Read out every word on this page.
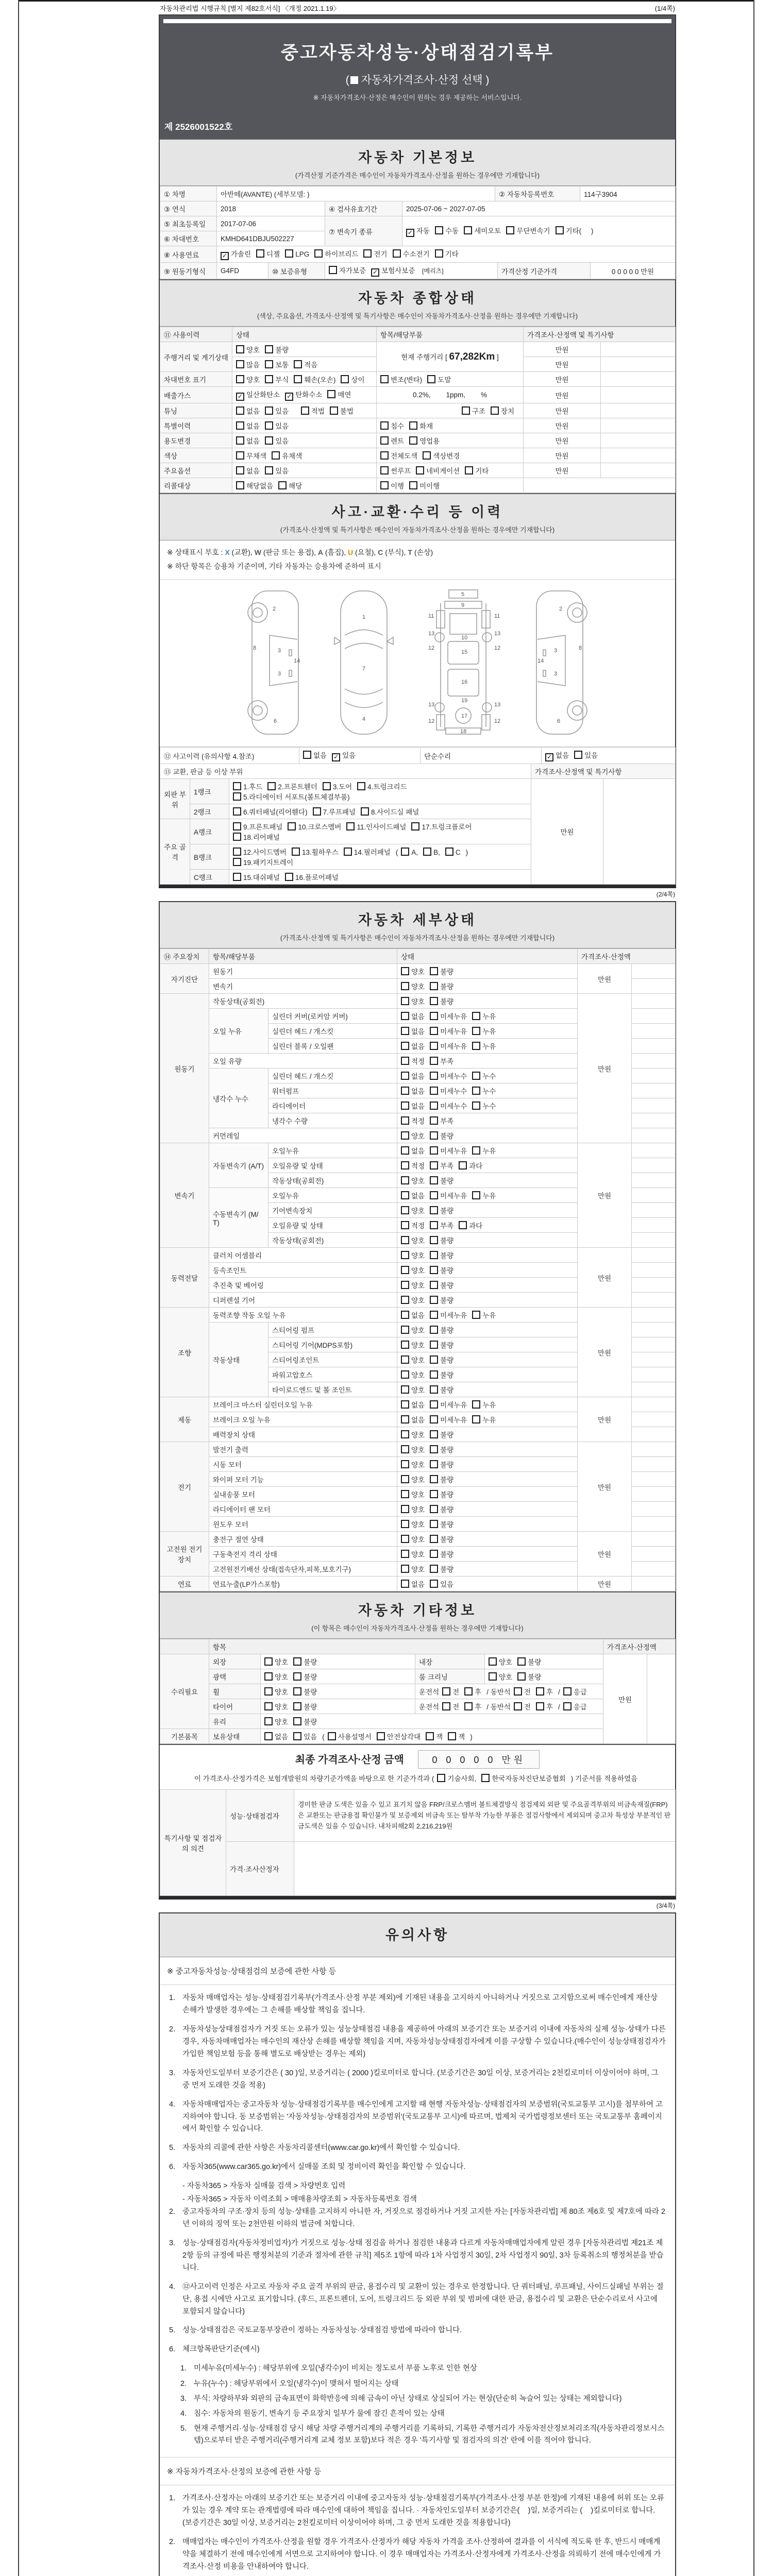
자동차관리법 시행규칙 [별지 제82호서식] 〈개정 2021.1.19〉	(1/4쪽)
중고자동차성능·상태점검기록부
( 자동차가격조사·산정 선택 )
※ 자동차가격조사·산정은 매수인이 원하는 경우 제공하는 서비스입니다.
제 2526001522호
자동차 기본정보
(가격산정 기준가격은 매수인이 자동차가격조사·산정을 원하는 경우에만 기재합니다)
① 차명	아반떼(AVANTE) (세부모델: )			② 자동차등록번호	114구3904
③ 연식	2018	④ 검사유효기간	2025-07-06 ~ 2027-07-05		
⑤ 최초등록일	2017-07-06	⑦ 변속기 종류	✓ 자동 수동 세미오토 무단변속기 기타(     )		
⑥ 차대번호	KMHD641DBJU502227				
⑧ 사용연료	✓ 가솔린 디젤 LPG 하이브리드 전기 수소전기 기타				
⑨ 원동기형식	G4FD	⑩ 보증유형	자가보증 ✓ 보험사보증 [메리츠]	가격산정 기준가격	0 0 0 0 0 만원
자동차 종합상태
(색상, 주요옵션, 가격조사·산정액 및 특기사항은 매수인이 자동차가격조사·산정을 원하는 경우에만 기재합니다)
⑪ 사용이력	상태	항목/해당부품	가격조사·산정액 및 특기사항	
주행거리 및 계기상태	양호 불량	현재 주행거리 [ 67,282Km ]	만원	
	많음 보통 적음		만원	
차대번호 표기	양호 부식 훼손(오손) 상이	변조(변타) 도말	만원	
배출가스	✓ 일산화탄소 ✓ 탄화수소 매연	0.2%,        1ppm,        %	만원	
튜닝	없음 있음 적법 불법	구조 장치	만원	
특별이력	없음 있음	침수 화재	만원	
용도변경	없음 있음	렌트 영업용	만원	
색상	무채색 유채색	전체도색 색상변경	만원	
주요옵션	없음 있음	썬루프 네비게이션 기타	만원	
리콜대상	해당없음 해당	이행 미이행		
사고·교환·수리 등 이력
(가격조사·산정액 및 특기사항은 매수인이 자동차가격조사·산정을 원하는 경우에만 기재합니다)
※ 상태표시 부호 : X (교환), W (판금 또는 용접), A (흠집), U (요철), C (부식), T (손상)
※ 하단 항목은 승용차 기준이며, 기타 자동차는 승용차에 준하여 표시
2
8	3
14
3
6
1
7
4
5
9
11	11
13	13
12	12
10
15
16
19
13	13
12	12
17
18
2
3	8
14
3
6
⑫ 사고이력 (유의사항 4.참조)	없음 ✓ 있음	단순수리	✓ 없음 있음
⑬ 교환, 판금 등 이상 부위			가격조사·산정액 및 특기사항	
외판 부위	1랭크	1.후드 2.프론트휀더 3.도어 4.트렁크리드5.라디에이터 서포트(볼트체결부품)	만원	
	2랭크	6.쿼터패널(리어휀다) 7.루프패널 8.사이드실 패널		
주요 골격	A랭크	9.프론트패널 10.크로스멤버 11.인사이드패널 17.트렁크플로어18.리어패널		
	B랭크	12.사이드멤버 13.휠하우스 14.필러패널 ( A, B, C )19.패키지트레이		
	C랭크	15.대쉬패널 16.플로어패널		
(2/4쪽)
자동차 세부상태
(가격조사·산정액 및 특기사항은 매수인이 자동차가격조사·산정을 원하는 경우에만 기재합니다)
⑭ 주요장치	항목/해당부품		상태	가격조사·산정액	
자기진단	원동기		양호 불량	만원	
	변속기		양호 불량		
원동기	작동상태(공회전)		양호 불량	만원	
	오일 누유	실린더 커버(로커암 커버)	없음 미세누유 누유		
		실린더 헤드 / 개스킷	없음 미세누유 누유		
		실린더 블록 / 오일팬	없음 미세누유 누유		
	오일 유량		적정 부족		
	냉각수 누수	실린더 헤드 / 개스킷	없음 미세누수 누수		
		워터펌프	없음 미세누수 누수		
		라디에이터	없음 미세누수 누수		
		냉각수 수량	적정 부족		
	커먼레일		양호 불량		
변속기	자동변속기 (A/T)	오일누유	없음 미세누유 누유	만원	
		오일유량 및 상태	적정 부족 과다		
		작동상태(공회전)	양호 불량		
	수동변속기 (M/T)	오일누유	없음 미세누유 누유		
		기어변속장치	양호 불량		
		오일유량 및 상태	적정 부족 과다		
		작동상태(공회전)	양호 불량		
동력전달	클러치 어셈블리		양호 불량	만원	
	등속조인트		양호 불량		
	추진축 및 베어링		양호 불량		
	디퍼렌셜 기어		양호 불량		
조향	동력조향 작동 오일 누유		없음 미세누유 누유	만원	
	작동상태	스티어링 펌프	양호 불량		
		스티어링 기어(MDPS포함)	양호 불량		
		스티어링조인트	양호 불량		
		파워고압호스	양호 불량		
		타이로드엔드 및 볼 조인트	양호 불량		
제동	브레이크 마스터 실린더오일 누유		없음 미세누유 누유	만원	
	브레이크 오일 누유		없음 미세누유 누유		
	배력장치 상태		양호 불량		
전기	발전기 출력		양호 불량	만원	
	시동 모터		양호 불량		
	와이퍼 모터 기능		양호 불량		
	실내송풍 모터		양호 불량		
	라디에이터 팬 모터		양호 불량		
	윈도우 모터		양호 불량		
고전원 전기장치	충전구 절연 상태		양호 불량	만원	
	구동축전지 격리 상태		양호 불량		
	고전원전기배선 상태(접속단자,피복,보호기구)		양호 불량		
연료	연료누출(LP가스포함)		없음 있음	만원	
자동차 기타정보
(이 항목은 매수인이 자동차가격조사·산정을 원하는 경우에만 기재합니다)
	항목				가격조사·산정액	
수리필요	외장	양호 불량	내장	양호 불량	만원	
	광택	양호 불량	룸 크리닝	양호 불량		
	휠	양호 불량	운전석 전 후 / 동반석 전 후 / 응급			
	타이어	양호 불량	운전석 전 후 / 동반석 전 후 / 응급			
	유리	양호 불량				
기본품목	보유상태	없음 있음 ( 사용설명서 안전삼각대 잭 잭 )				
최종 가격조사·산정 금액	0 0 0 0 0 만원
이 가격조사·산정가격은 보험개발원의 차량기준가액을 바탕으로 한 기준가격과 ( 기술사회, 한국자동차진단보증협회 ) 기준서를 적용하였음
특기사항 및 점검자의 의견	성능·상태점검자	경미한 판금 도색은 있을 수 있고 표기치 않음 FRP/크로스멤버 볼트체결방식 점검제외 외판 및 주요골격부위의 비금속재질(FRP)은 교환또는 판금용접 확인불가 및 보증제외 비금속 또는 탈부착 가능한 부품은 점검사항에서 제외되며 중고차 특성상 부분적인 판금도색은 있을 수 있습니다. 내차피해2회 2,216,219원
	가격·조사산정자	
(3/4쪽)
유의사항
※ 중고자동차성능·상태점검의 보증에 관한 사항 등
1. 자동차 매매업자는 성능·상태점검기록부(가격조사·산정 부분 제외)에 기재된 내용을 고지하지 아니하거나 거짓으로 고지함으로써 매수인에게 재산상 손해가 발생한 경우에는 그 손해를 배상할 책임을 집니다.
2. 자동차성능상태점검자가 거짓 또는 오류가 있는 성능상태점검 내용을 제공하여 아래의 보증기간 또는 보증거리 이내에 자동차의 실제 성능·상태가 다른 경우, 자동차매매업자는 매수인의 재산상 손해를 배상할 책임을 지며, 자동차성능상태점검자에게 이를 구상할 수 있습니다.(매수인이 성능상태점검자가 가입한 책임보험 등을 통해 별도로 배상받는 경우는 제외)
3. 자동차인도일부터 보증기간은 ( 30 )일, 보증거리는 ( 2000 )킬로미터로 합니다. (보증기간은 30일 이상, 보증거리는 2천킬로미터 이상이어야 하며, 그 중 먼저 도래한 것을 적용)
4. 자동차매매업자는 중고자동차 성능·상태점검기록부를 매수인에게 고지할 때 현행 자동차성능·상태점검자의 보증범위(국토교통부 고시)를 첨부하여 고지하여야 합니다. 동 보증범위는 '자동차성능·상태점검자의 보증범위'(국토교통부 고시)에 따르며, 법제처 국가법령정보센터 또는 국토교통부 홈페이지에서 확인할 수 있습니다.
5. 자동차의 리콜에 관한 사항은 자동차리콜센터(www.car.go.kr)에서 확인할 수 있습니다.
6. 자동차365(www.car365.go.kr)에서 실매물 조회 및 정비이력 확인을 확인할 수 있습니다.
- 자동차365 > 자동차 실매물 검색 > 차량번호 입력
- 자동차365 > 자동차 이력조회 > 매매용차량조회 > 자동차등록번호 검색
2. 중고자동차의 구조·장치 등의 성능·상태를 고지하지 아니한 자, 거짓으로 점검하거나 거짓 고지한 자는 [자동차관리법] 제 80조 제6호 및 제7호에 따라 2년 이하의 징역 또는 2천만원 이하의 벌금에 처합니다.
3. 성능·상태점검자(자동차정비업자)가 거짓으로 성능·상태 점검을 하거나 점검한 내용과 다르게 자동차매매업자에게 알린 경우 [자동차관리법 제21조 제2항 등의 규정에 따른 행정처분의 기준과 절차에 관한 규칙] 제5조 1항에 따라 1차 사업정지 30일, 2차 사업정지 90일, 3차 등록취소의 행정처분을 받습니다.
4. ⑫사고이력 인정은 사고로 자동차 주요 골격 부위의 판금, 용접수리 및 교환이 있는 경우로 한정합니다. 단 쿼터패널, 루프패널, 사이드실패널 부위는 절단, 용접 시에만 사고로 표기합니다. (후드, 프론트펜더, 도어, 트렁크리드 등 외판 부위 및 범퍼에 대한 판금, 용접수리 및 교환은 단순수리로서 사고에 포함되지 않습니다)
5. 성능·상태점검은 국토교통부장관이 정하는 자동차성능·상태점검 방법에 따라야 합니다.
6. 체크항목판단기준(예시)
1. 미세누유(미세누수) : 해당부위에 오일(냉각수)이 비치는 정도로서 부품 노후로 인한 현상
2. 누유(누수) : 해당부위에서 오일(냉각수)이 맺혀서 떨어지는 상태
3. 부식: 차량하부와 외판의 금속표면이 화학반응에 의해 금속이 아닌 상태로 상실되어 가는 현상(단순히 녹슬어 있는 상태는 제외합니다)
4. 침수: 자동차의 원동기, 변속기 등 주요장치 일부가 물에 잠긴 흔적이 있는 상태
5. 현재 주행거리·성능·상태점검 당시 해당 차량 주행거리계의 주행거리를 기록하되, 기록한 주행거리가 자동차전산정보처리조직(자동차관리정보시스템)으로부터 받은 주행거리(주행거리계 교체 정보 포함)보다 적은 경우 '특기사항 및 점검자의 의견' 란에 이를 적어야 합니다.
※ 자동차가격조사·산정의 보증에 관한 사항 등
1. 가격조사·산정자는 아래의 보증기간 또는 보증거리 이내에 중고자동차 성능·상태점검기록부(가격조사·산정 부분 한정)에 기재된 내용에 허위 또는 오류가 있는 경우 계약 또는 관계법령에 따라 매수인에 대하여 책임을 집니다. · 자동차인도일부터 보증기간은(    )일, 보증거리는 (    )킬로미터로 합니다. (보증기간은 30일 이상, 보증거리는 2천킬로미터 이상이어야 하며, 그 중 먼저 도래한 것을 적용합니다)
2. 매매업자는 매수인이 가격조사·산정을 원할 경우 가격조사·산정자가 해당 자동차 가격을 조사·산정하여 결과를 이 서식에 적도록 한 후, 반드시 매매계약을 체결하기 전에 매수인에게 서면으로 고지하여야 합니다. 이 경우 매매업자는 가격조사·산정자에게 가격조사·산정을 의뢰하기 전에 매수인에게 가격조사·산정 비용을 안내하여야 합니다.
